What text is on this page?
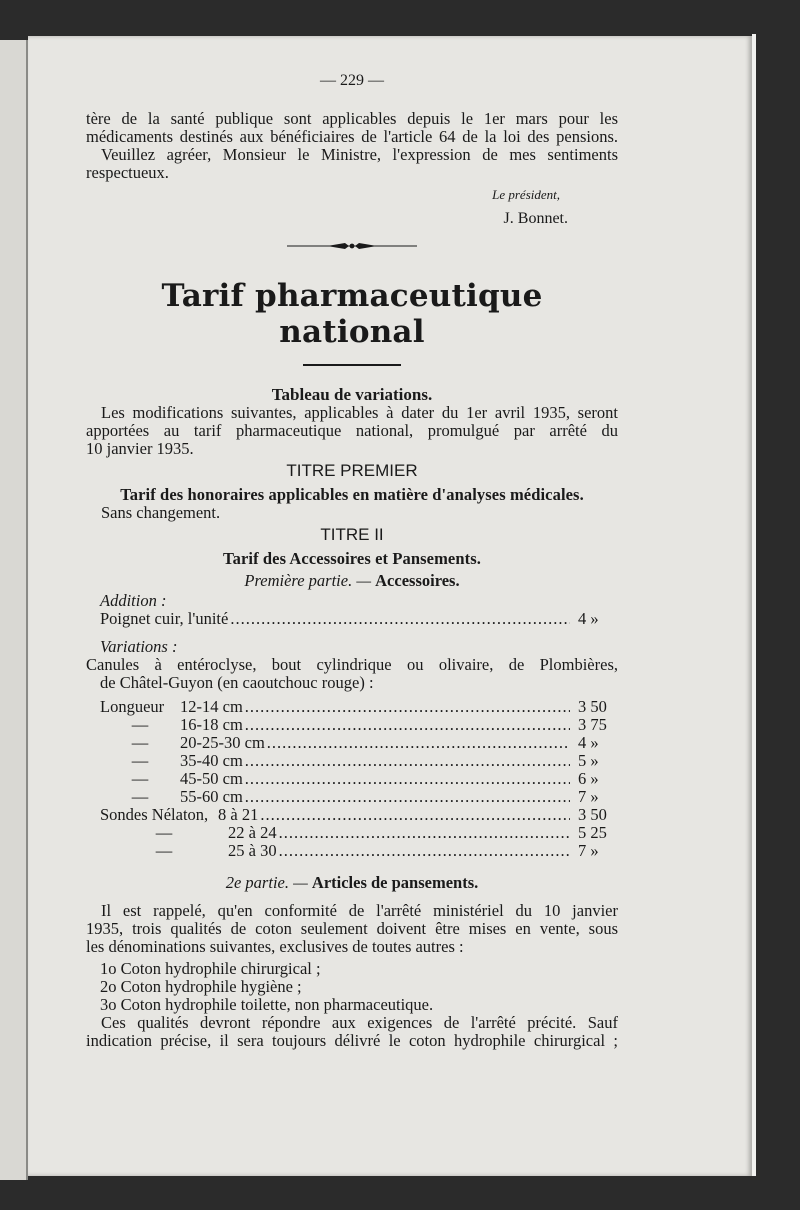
— 229 —

tère de la santé publique sont applicables depuis le 1er mars pour les

médicaments destinés aux bénéficiaires de l'article 64 de la loi des pensions.

Veuillez agréer, Monsieur le Ministre, l'expression de mes sentiments

respectueux.

Le président,

J. Bonnet.

Tarif pharmaceutique national

Tableau de variations.

Les modifications suivantes, applicables à dater du 1er avril 1935, seront

apportées au tarif pharmaceutique national, promulgué par arrêté du

10 janvier 1935.

TITRE PREMIER

Tarif des honoraires applicables en matière d'analyses médicales.

Sans changement.

TITRE II

Tarif des Accessoires et Pansements.

Première partie. — Accessoires.

Addition :

Poignet cuir, l'unité .....	4 »

Variations :

Canules à entéroclyse, bout cylindrique ou olivaire, de Plombières,

de Châtel-Guyon (en caoutchouc rouge) :

Longueur 12-14 cm .....	3 50
—	16-18 cm .....	3 75
—	20-25-30 cm .....	4 »
—	35-40 cm .....	5 »
—	45-50 cm .....	6 »
—	55-60 cm .....	7 »
Sondes Nélaton, 8 à 21 .....	3 50
—	22 à 24 .....	5 25
—	25 à 30 .....	7 »

2e partie. — Articles de pansements.

Il est rappelé, qu'en conformité de l'arrêté ministériel du 10 janvier

1935, trois qualités de coton seulement doivent être mises en vente, sous

les dénominations suivantes, exclusives de toutes autres :

1o Coton hydrophile chirurgical ;

2o Coton hydrophile hygiène ;

3o Coton hydrophile toilette, non pharmaceutique.

Ces qualités devront répondre aux exigences de l'arrêté précité. Sauf

indication précise, il sera toujours délivré le coton hydrophile chirurgical ;
